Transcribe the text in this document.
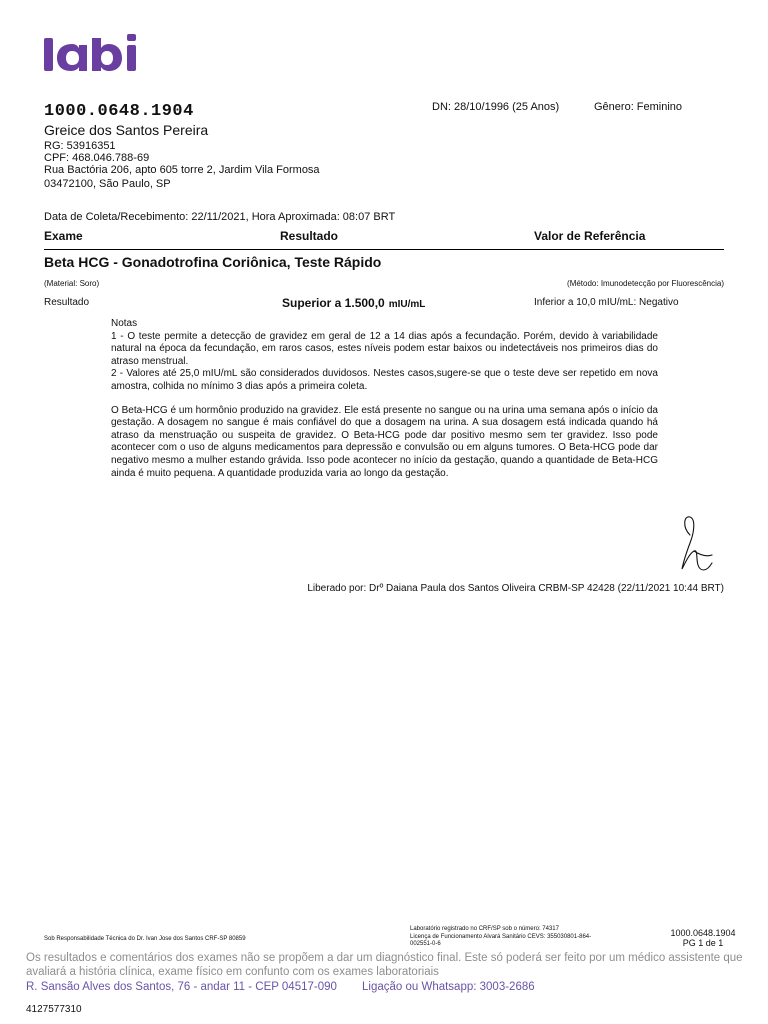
1000.0648.1904	DN: 28/10/1996 (25 Anos)	Gênero: Feminino
Greice dos Santos Pereira
RG: 53916351
CPF: 468.046.788-69
Rua Bactória 206, apto 605 torre 2, Jardim Vila Formosa
03472100, São Paulo, SP
Data de Coleta/Recebimento: 22/11/2021, Hora Aproximada: 08:07 BRT
Exame	Resultado	Valor de Referência
Beta HCG - Gonadotrofina Coriônica, Teste Rápido
(Material: Soro)	(Método: Imunodetecção por Fluorescência)
Resultado	Superior a 1.500,0 mIU/mL	Inferior a 10,0 mIU/mL: Negativo

Notas

1 - O teste permite a detecção de gravidez em geral de 12 a 14 dias após a fecundação. Porém, devido à variabilidade natural na época da fecundação, em raros casos, estes níveis podem estar baixos ou indetectáveis nos primeiros dias do atraso menstrual.

2 - Valores até 25,0 mIU/mL são considerados duvidosos. Nestes casos,sugere-se que o teste deve ser repetido em nova amostra, colhida no mínimo 3 dias após a primeira coleta.

O Beta-HCG é um hormônio produzido na gravidez. Ele está presente no sangue ou na urina uma semana após o início da gestação. A dosagem no sangue é mais confiável do que a dosagem na urina. A sua dosagem está indicada quando há atraso da menstruação ou suspeita de gravidez. O Beta-HCG pode dar positivo mesmo sem ter gravidez. Isso pode acontecer com o uso de alguns medicamentos para depressão e convulsão ou em alguns tumores. O Beta-HCG pode dar negativo mesmo a mulher estando grávida. Isso pode acontecer no início da gestação, quando a quantidade de Beta-HCG ainda é muito pequena. A quantidade produzida varia ao longo da gestação.

Liberado por: Drº Daiana Paula dos Santos Oliveira CRBM-SP 42428 (22/11/2021 10:44 BRT)
Sob Responsabilidade Técnica do Dr. Ivan Jose dos Santos CRF-SP 80859
Laboratório registrado no CRF/SP sob o número: 74317
Licença de Funcionamento Alvará Sanitário CEVS: 355030801-864-002551-0-6
1000.0648.1904
PG 1 de 1
Os resultados e comentários dos exames não se propõem a dar um diagnóstico final. Este só poderá ser feito por um médico assistente que avaliará a história clínica, exame físico em confunto com os exames laboratoriais
R. Sansão Alves dos Santos, 76 - andar 11 - CEP 04517-090 Ligação ou Whatsapp: 3003-2686
4127577310
